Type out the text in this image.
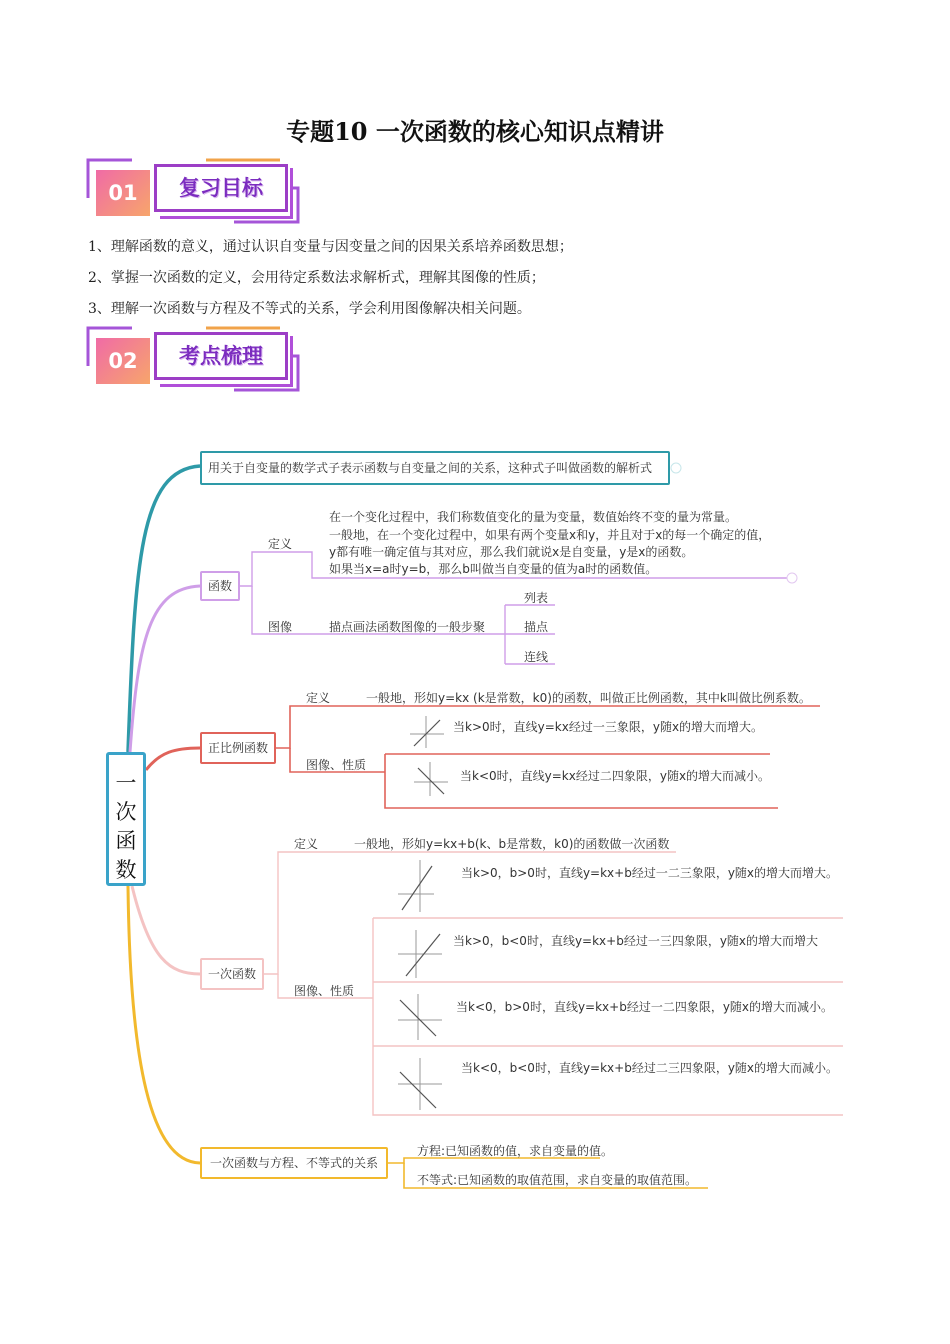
专题10 一次函数的核心知识点精讲
01	复习目标
1、理解函数的意义，通过认识自变量与因变量之间的因果关系培养函数思想；
2、掌握一次函数的定义，会用待定系数法求解析式，理解其图像的性质；
3、理解一次函数与方程及不等式的关系，学会利用图像解决相关问题。
02	考点梳理
一
次
函
数
用关于自变量的数学式子表示函数与自变量之间的关系，这种式子叫做函数的解析式
函数
定义
在一个变化过程中，我们称数值变化的量为变量，数值始终不变的量为常量。
一般地，在一个变化过程中，如果有两个变量x和y，并且对于x的每一个确定的值，
y都有唯一确定值与其对应，那么我们就说x是自变量，y是x的函数。
如果当x=a时y=b，那么b叫做当自变量的值为a时的函数值。
图像	描点画法函数图像的一般步聚
列表
描点
连线
正比例函数
定义	一般地，形如y=kx (k是常数，k0)的函数，叫做正比例函数，其中k叫做比例系数。
图像、性质
当k>0时，直线y=kx经过一三象限，y随x的增大而增大。
当k<0时，直线y=kx经过二四象限，y随x的增大而减小。
一次函数
定义	一般地，形如y=kx+b(k、b是常数，k0)的函数做一次函数
图像、性质
当k>0，b>0时，直线y=kx+b经过一二三象限，y随x的增大而增大。
当k>0，b<0时，直线y=kx+b经过一三四象限，y随x的增大而增大
当k<0，b>0时，直线y=kx+b经过一二四象限，y随x的增大而减小。
当k<0，b<0时，直线y=kx+b经过二三四象限，y随x的增大而减小。
一次函数与方程、不等式的关系
方程:已知函数的值，求自变量的值。
不等式:已知函数的取值范围，求自变量的取值范围。
